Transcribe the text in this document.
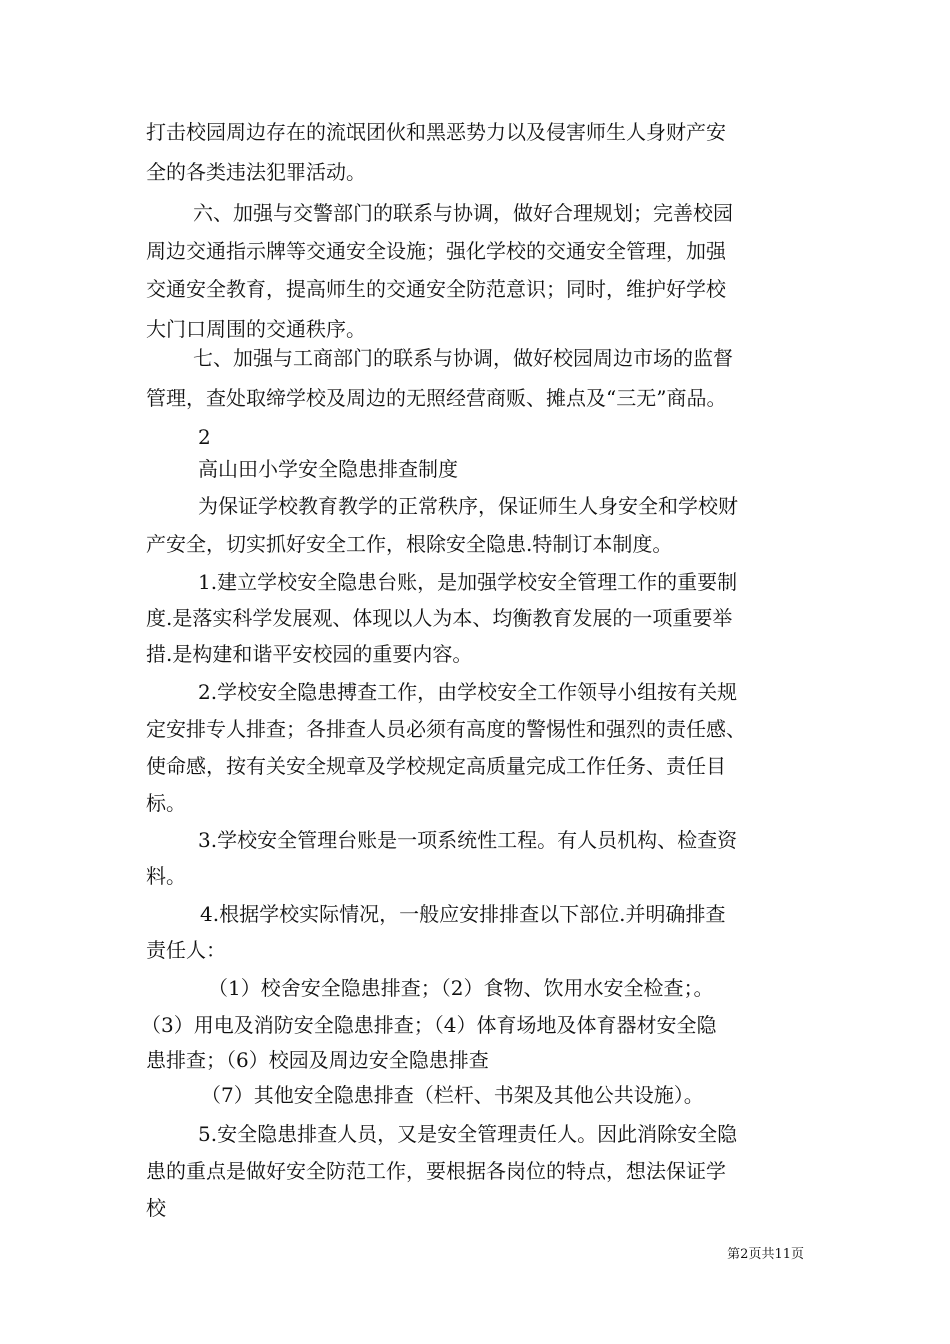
打击校园周边存在的流氓团伙和黑恶势力以及侵害师生人身财产安
全的各类违法犯罪活动。
六、加强与交警部门的联系与协调，做好合理规划；完善校园
周边交通指示牌等交通安全设施；强化学校的交通安全管理，加强
交通安全教育，提高师生的交通安全防范意识；同时，维护好学校
大门口周围的交通秩序。
七、加强与工商部门的联系与协调，做好校园周边市场的监督
管理，查处取缔学校及周边的无照经营商贩、摊点及“三无”商品。
2
高山田小学安全隐患排查制度
为保证学校教育教学的正常秩序，保证师生人身安全和学校财
产安全，切实抓好安全工作，根除安全隐患.特制订本制度。
1.建立学校安全隐患台账，是加强学校安全管理工作的重要制
度.是落实科学发展观、体现以人为本、均衡教育发展的一项重要举
措.是构建和谐平安校园的重要内容。
2.学校安全隐患搏查工作，由学校安全工作领导小组按有关规
定安排专人排查；各排查人员必须有高度的警惕性和强烈的责任感、
使命感，按有关安全规章及学校规定高质量完成工作任务、责任目
标。
3.学校安全管理台账是一项系统性工程。有人员机构、检查资
料。
4.根据学校实际情况，一般应安排排查以下部位.并明确排查
责任人：
（1）校舍安全隐患排查；（2）食物、饮用水安全检查；。
（3）用电及消防安全隐患排查；（4）体育场地及体育器材安全隐
患排查；（6）校园及周边安全隐患排查
（7）其他安全隐患排查（栏杆、书架及其他公共设施）。
5.安全隐患排查人员，又是安全管理责任人。因此消除安全隐
患的重点是做好安全防范工作，要根据各岗位的特点，想法保证学
校
第2页共11页
